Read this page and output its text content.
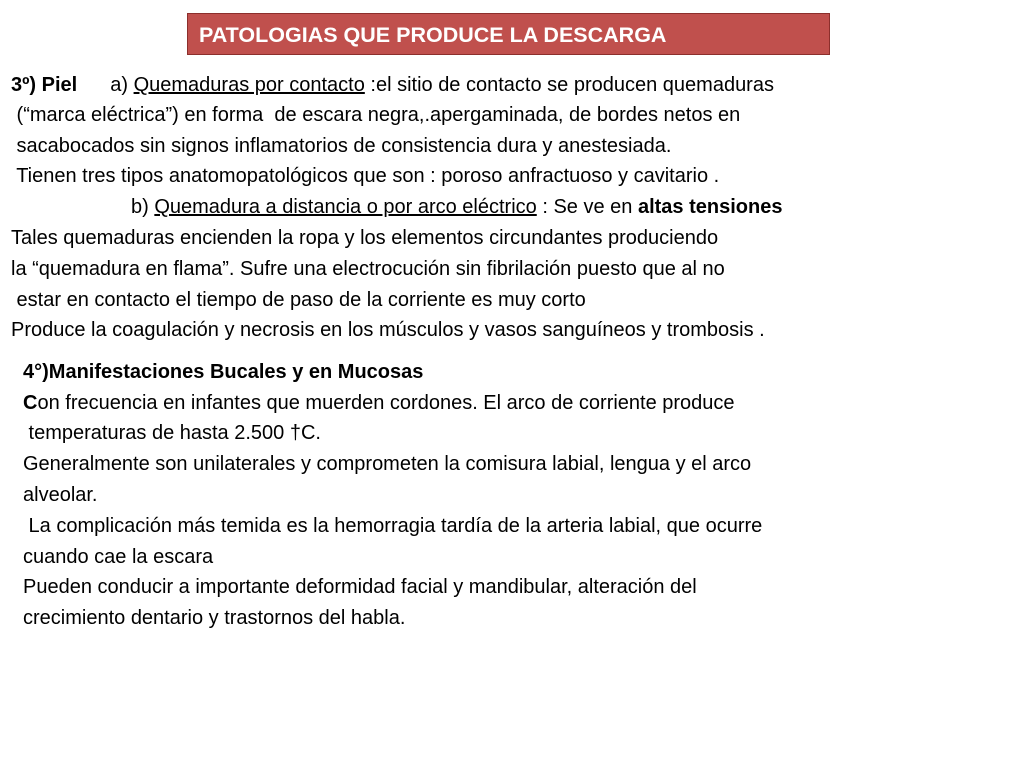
PATOLOGIAS QUE PRODUCE LA DESCARGA
3º) Piel a) Quemaduras por contacto :el sitio de contacto se producen quemaduras
(“marca eléctrica”) en forma  de escara negra,.apergaminada, de bordes netos en
sacabocados sin signos inflamatorios de consistencia dura y anestesiada.
Tienen tres tipos anatomopatológicos que son : poroso anfractuoso y cavitario .
b) Quemadura a distancia o por arco eléctrico : Se ve en altas tensiones
Tales quemaduras encienden la ropa y los elementos circundantes produciendo
la “quemadura en flama”. Sufre una electrocución sin fibrilación puesto que al no
estar en contacto el tiempo de paso de la corriente es muy corto
Produce la coagulación y necrosis en los músculos y vasos sanguíneos y trombosis .
4°)Manifestaciones Bucales y en Mucosas
Con frecuencia en infantes que muerden cordones. El arco de corriente produce
temperaturas de hasta 2.500 †C.
Generalmente son unilaterales y comprometen la comisura labial, lengua y el arco
alveolar.
La complicación más temida es la hemorragia tardía de la arteria labial, que ocurre
cuando cae la escara
Pueden conducir a importante deformidad facial y mandibular, alteración del
crecimiento dentario y trastornos del habla.
